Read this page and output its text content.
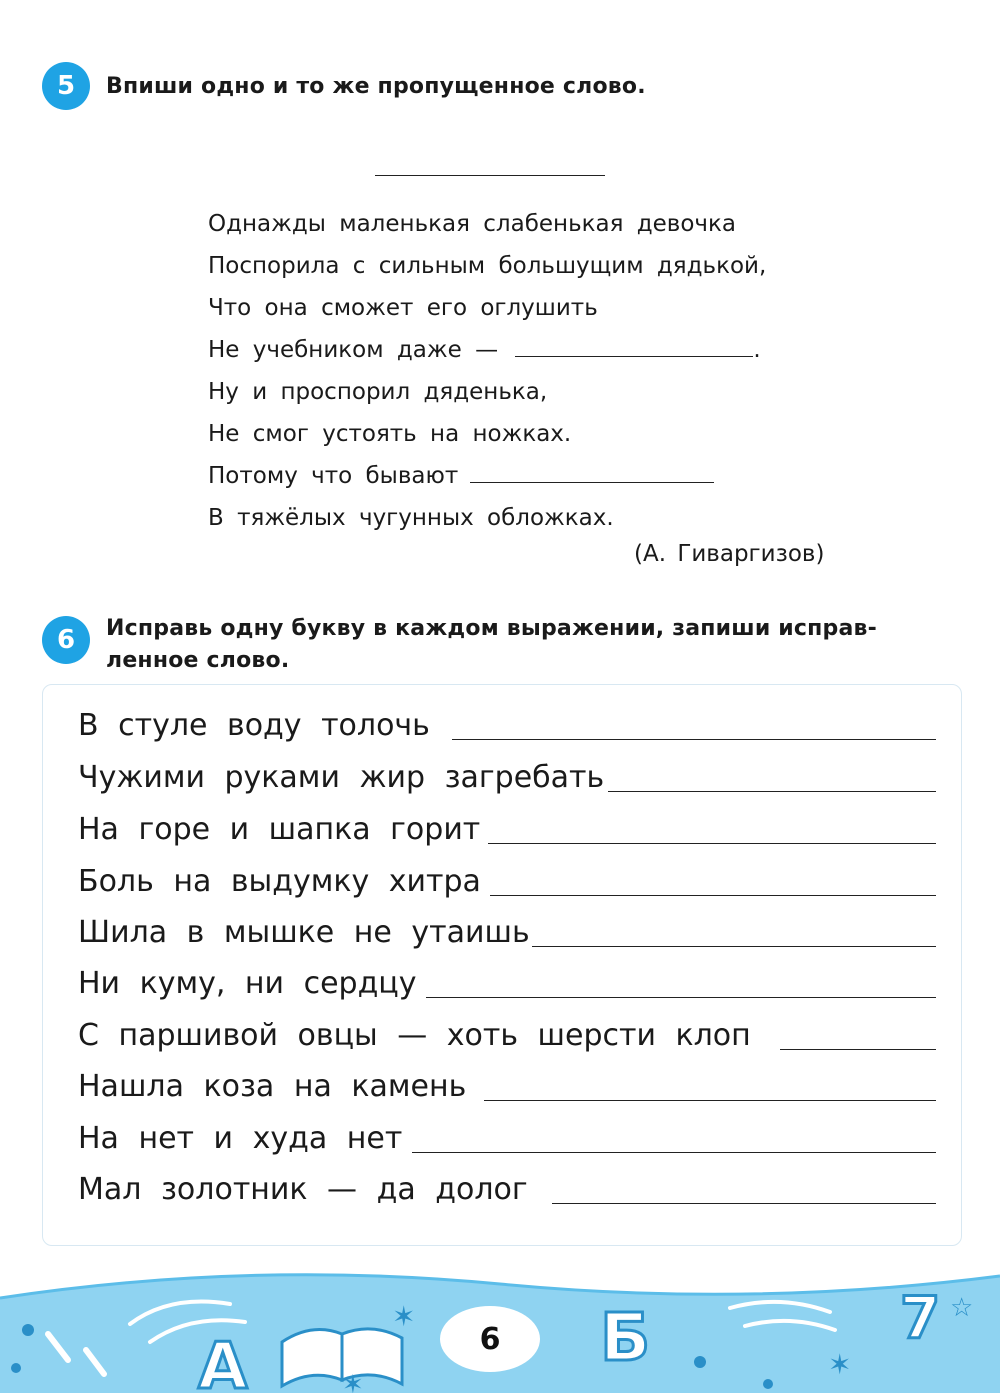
5 Впиши одно и то же пропущенное слово.
Однажды маленькая слабенькая девочка
Поспорила с сильным большущим дядькой,
Что она сможет его оглушить
Не учебником даже —	.
Ну и проспорил дяденька,
Не смог устоять на ножках.
Потому что бывают
В тяжёлых чугунных обложках.
(А. Гиваргизов)
6 Исправь одну букву в каждом выражении, запиши исправ-
ленное слово.
В стуле воду толочь
Чужими руками жир загребать
На горе и шапка горит
Боль на выдумку хитра
Шила в мышке не утаишь
Ни куму, ни сердцу
С паршивой овцы — хоть шерсти клоп
Нашла коза на камень
На нет и худа нет
Мал золотник — да долог
A	Б	7
✶
✶
✶
☆
6
